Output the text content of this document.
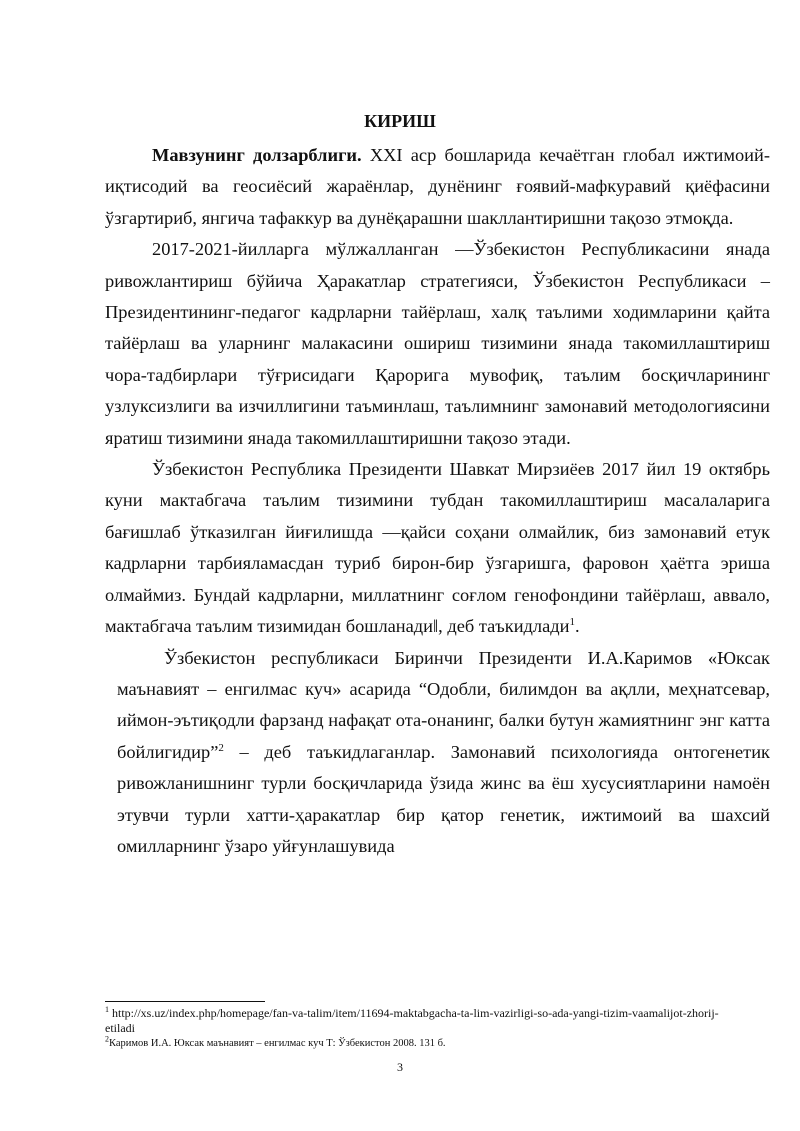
КИРИШ

Мавзунинг долзарблиги. XXI аср бошларида кечаётган глобал ижтимоий-иқтисодий ва геосиёсий жараёнлар, дунёнинг ғоявий-мафкуравий қиёфасини ўзгартириб, янгича тафаккур ва дунёқарашни шакллантиришни тақозо этмоқда.

2017-2021-йилларга мўлжалланган ―Ўзбекистон Республикасини янада ривожлантириш бўйича Ҳаракатлар стратегияси, Ўзбекистон Республикаси – Президентининг-педагог кадрларни тайёрлаш, халқ таълими ходимларини қайта тайёрлаш ва уларнинг малакасини ошириш тизимини янада такомиллаштириш чора-тадбирлари тўғрисидаги Қарорига мувофиқ, таълим босқичларининг узлуксизлиги ва изчиллигини таъминлаш, таълимнинг замонавий методологиясини яратиш тизимини янада такомиллаштиришни тақозо этади.

Ўзбекистон Республика Президенти Шавкат Мирзиёев 2017 йил 19 октябрь куни мактабгача таълим тизимини тубдан такомиллаштириш масалаларига бағишлаб ўтказилган йиғилишда ―қайси соҳани олмайлик, биз замонавий етук кадрларни тарбияламасдан туриб бирон-бир ўзгаришга, фаровон ҳаётга эриша олмаймиз. Бундай кадрларни, миллатнинг соғлом генофондини тайёрлаш, аввало, мактабгача таълим тизимидан бошланади‖, деб таъкидлади$^1$.

Ўзбекистон республикаси Биринчи Президенти И.А.Каримов «Юксак маънавият – енгилмас куч» асарида “Одобли, билимдон ва ақлли, меҳнатсевар, иймон-эътиқодли фарзанд нафақат ота-онанинг, балки бутун жамиятнинг энг катта бойлигидир”$^2$ – деб таъкидлаганлар. Замонавий психологияда онтогенетик ривожланишнинг турли босқичларида ўзида жинс ва ёш хусусиятларини намоён этувчи турли хатти-ҳаракатлар бир қатор генетик, ижтимоий ва шахсий омилларнинг ўзаро уйғунлашувида

$^1$ http://xs.uz/index.php/homepage/fan-va-talim/item/11694-maktabgacha-ta-lim-vazirligi-so-ada-yangi-tizim-vaamalijot-zhorij-etiladi

$^2$Каримов И.А. Юксак маънавият – енгилмас куч Т: Ўзбекистон 2008. 131 б.

3
